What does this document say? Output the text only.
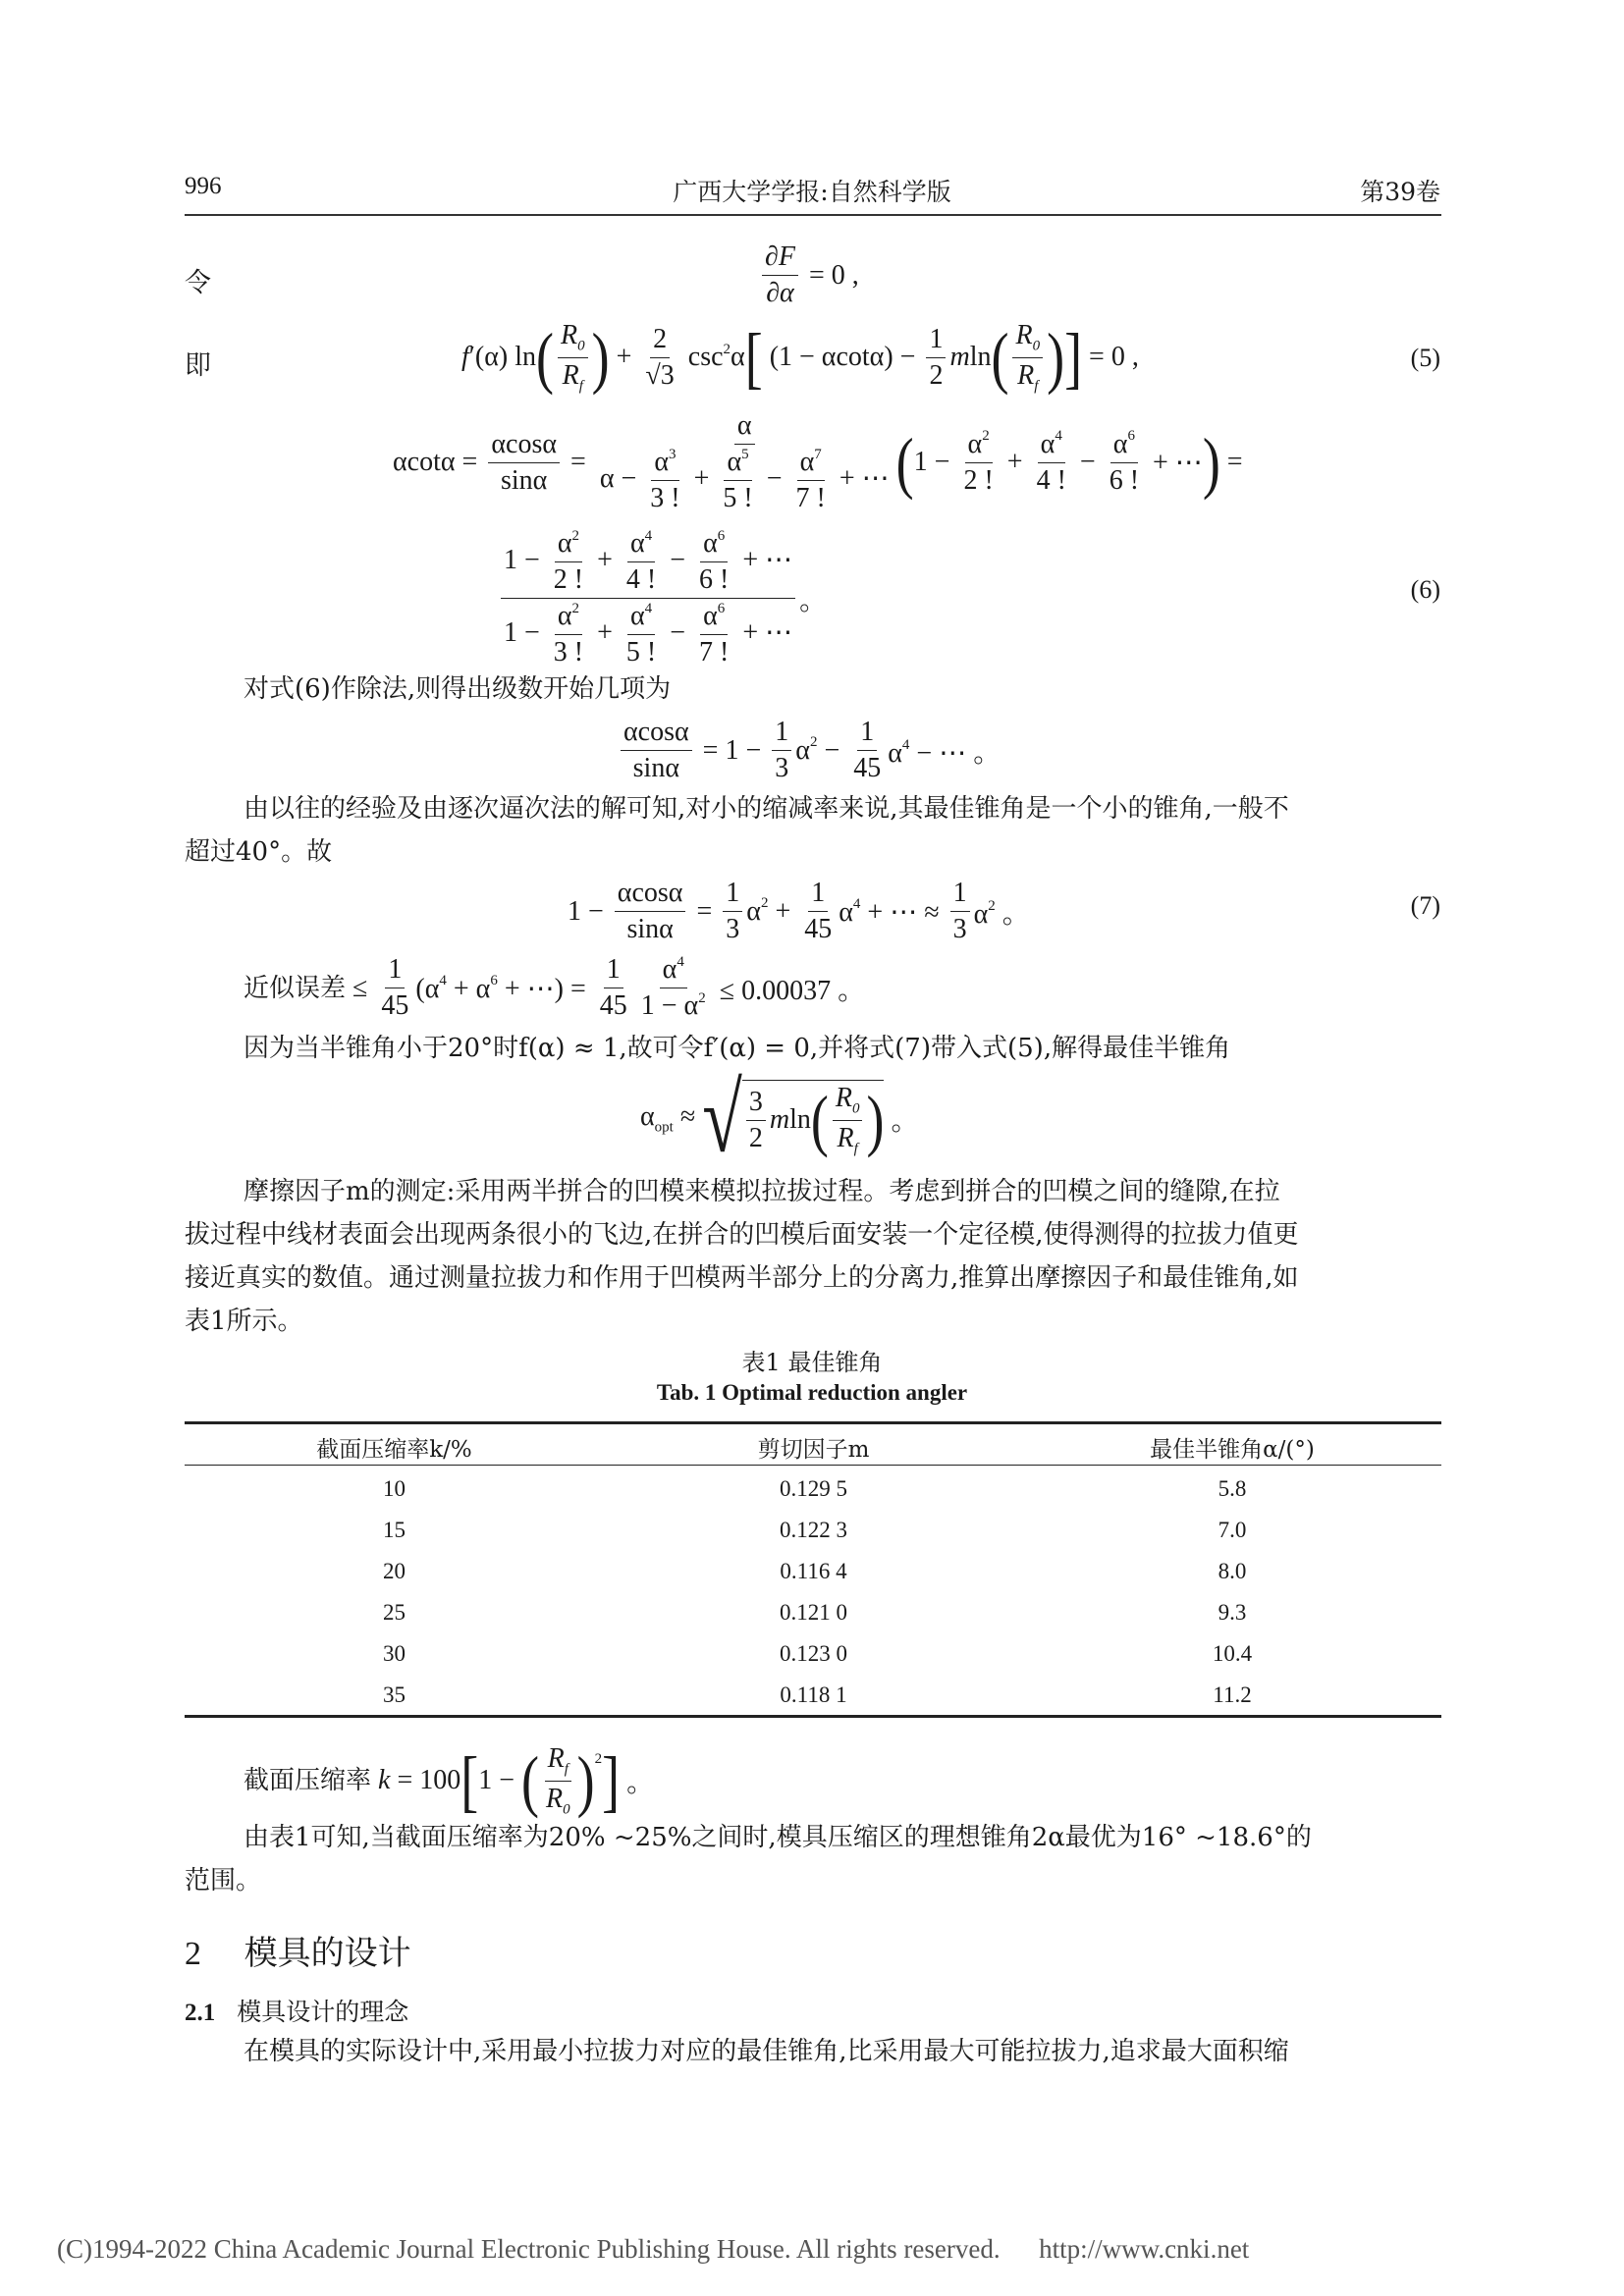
996	广西大学学报:自然科学版	第39卷
令	$\frac{\partial F}{\partial\alpha} = 0$ ,
即	f ′(α) ln ( $\frac{R_0}{R_f}$ ) + $\frac{2}{√3} \csc^2\alpha$ [ $(1 - \alpha\cot\alpha) - \frac{1}{2}$ m ln ( $\frac{R_0}{R_f}$ ) ] = 0 ,	(5)
$\alpha\cot\alpha = \frac{\alpha\cos\alpha}{\sin\alpha} = \frac{\alpha}{\alpha - \frac{\alpha^3}{3 !} + \frac{\alpha^5}{5 !} - \frac{\alpha^7}{7 !} + \cdots}$ ( $1 - \frac{\alpha^2}{2 !} + \frac{\alpha^4}{4 !} - \frac{\alpha^6}{6 !}$ + ⋯ ) =
$\frac{1 - \frac{\alpha^2}{2 !} + \frac{\alpha^4}{4 !} - \frac{\alpha^6}{6 !} + \cdots}{1 - \frac{\alpha^2}{3 !} + \frac{\alpha^4}{5 !} - \frac{\alpha^6}{7 !} + \cdots}$ 。	(6)
对式(6)作除法,则得出级数开始几项为
$\frac{\alpha\cos\alpha}{\sin\alpha} = 1 - \frac{1}{3} \alpha^2 - \frac{1}{45} \alpha^4$ − ⋯ 。
由以往的经验及由逐次逼次法的解可知,对小的缩减率来说,其最佳锥角是一个小的锥角,一般不
超过40°。故
$1 - \frac{\alpha\cos\alpha}{\sin\alpha} = \frac{1}{3} \alpha^2 + \frac{1}{45} \alpha^4$ + ⋯ ≈ $\frac{1}{3} \alpha^2$ 。	(7)
近似误差 ≤ $\frac{1}{45} (\alpha^4 + \alpha^6$ + ⋯) = $\frac{1}{45} \frac{\alpha^4}{1 - \alpha^2} \le 0.00037$ 。
因为当半锥角小于20°时f(α) ≈ 1,故可令f′(α) = 0,并将式(7)带入式(5),解得最佳半锥角
$\alpha_{opt}$ ≈ √ $\frac{3}{2}$ m ln ( $\frac{R_0}{R_f}$ ) 。
摩擦因子m的测定:采用两半拼合的凹模来模拟拉拔过程。考虑到拼合的凹模之间的缝隙,在拉
拔过程中线材表面会出现两条很小的飞边,在拼合的凹模后面安装一个定径模,使得测得的拉拔力值更
接近真实的数值。通过测量拉拔力和作用于凹模两半部分上的分离力,推算出摩擦因子和最佳锥角,如
表1所示。
表1 最佳锥角
Tab. 1 Optimal reduction angler
截面压缩率k/%	剪切因子m	最佳半锥角α/(°)
10	0.129 5	5.8
15	0.122 3	7.0
20	0.116 4	8.0
25	0.121 0	9.3
30	0.123 0	10.4
35	0.118 1	11.2
截面压缩率 k = 100 [ 1 − ( $\frac{R_f}{R_0}$ ) 2 ] 。
由表1可知,当截面压缩率为20% ~25%之间时,模具压缩区的理想锥角2α最优为16° ~18.6°的
范围。
2 模具的设计
2.1 模具设计的理念
在模具的实际设计中,采用最小拉拔力对应的最佳锥角,比采用最大可能拉拔力,追求最大面积缩
(C)1994-2022 China Academic Journal Electronic Publishing House. All rights reserved. http://www.cnki.net
